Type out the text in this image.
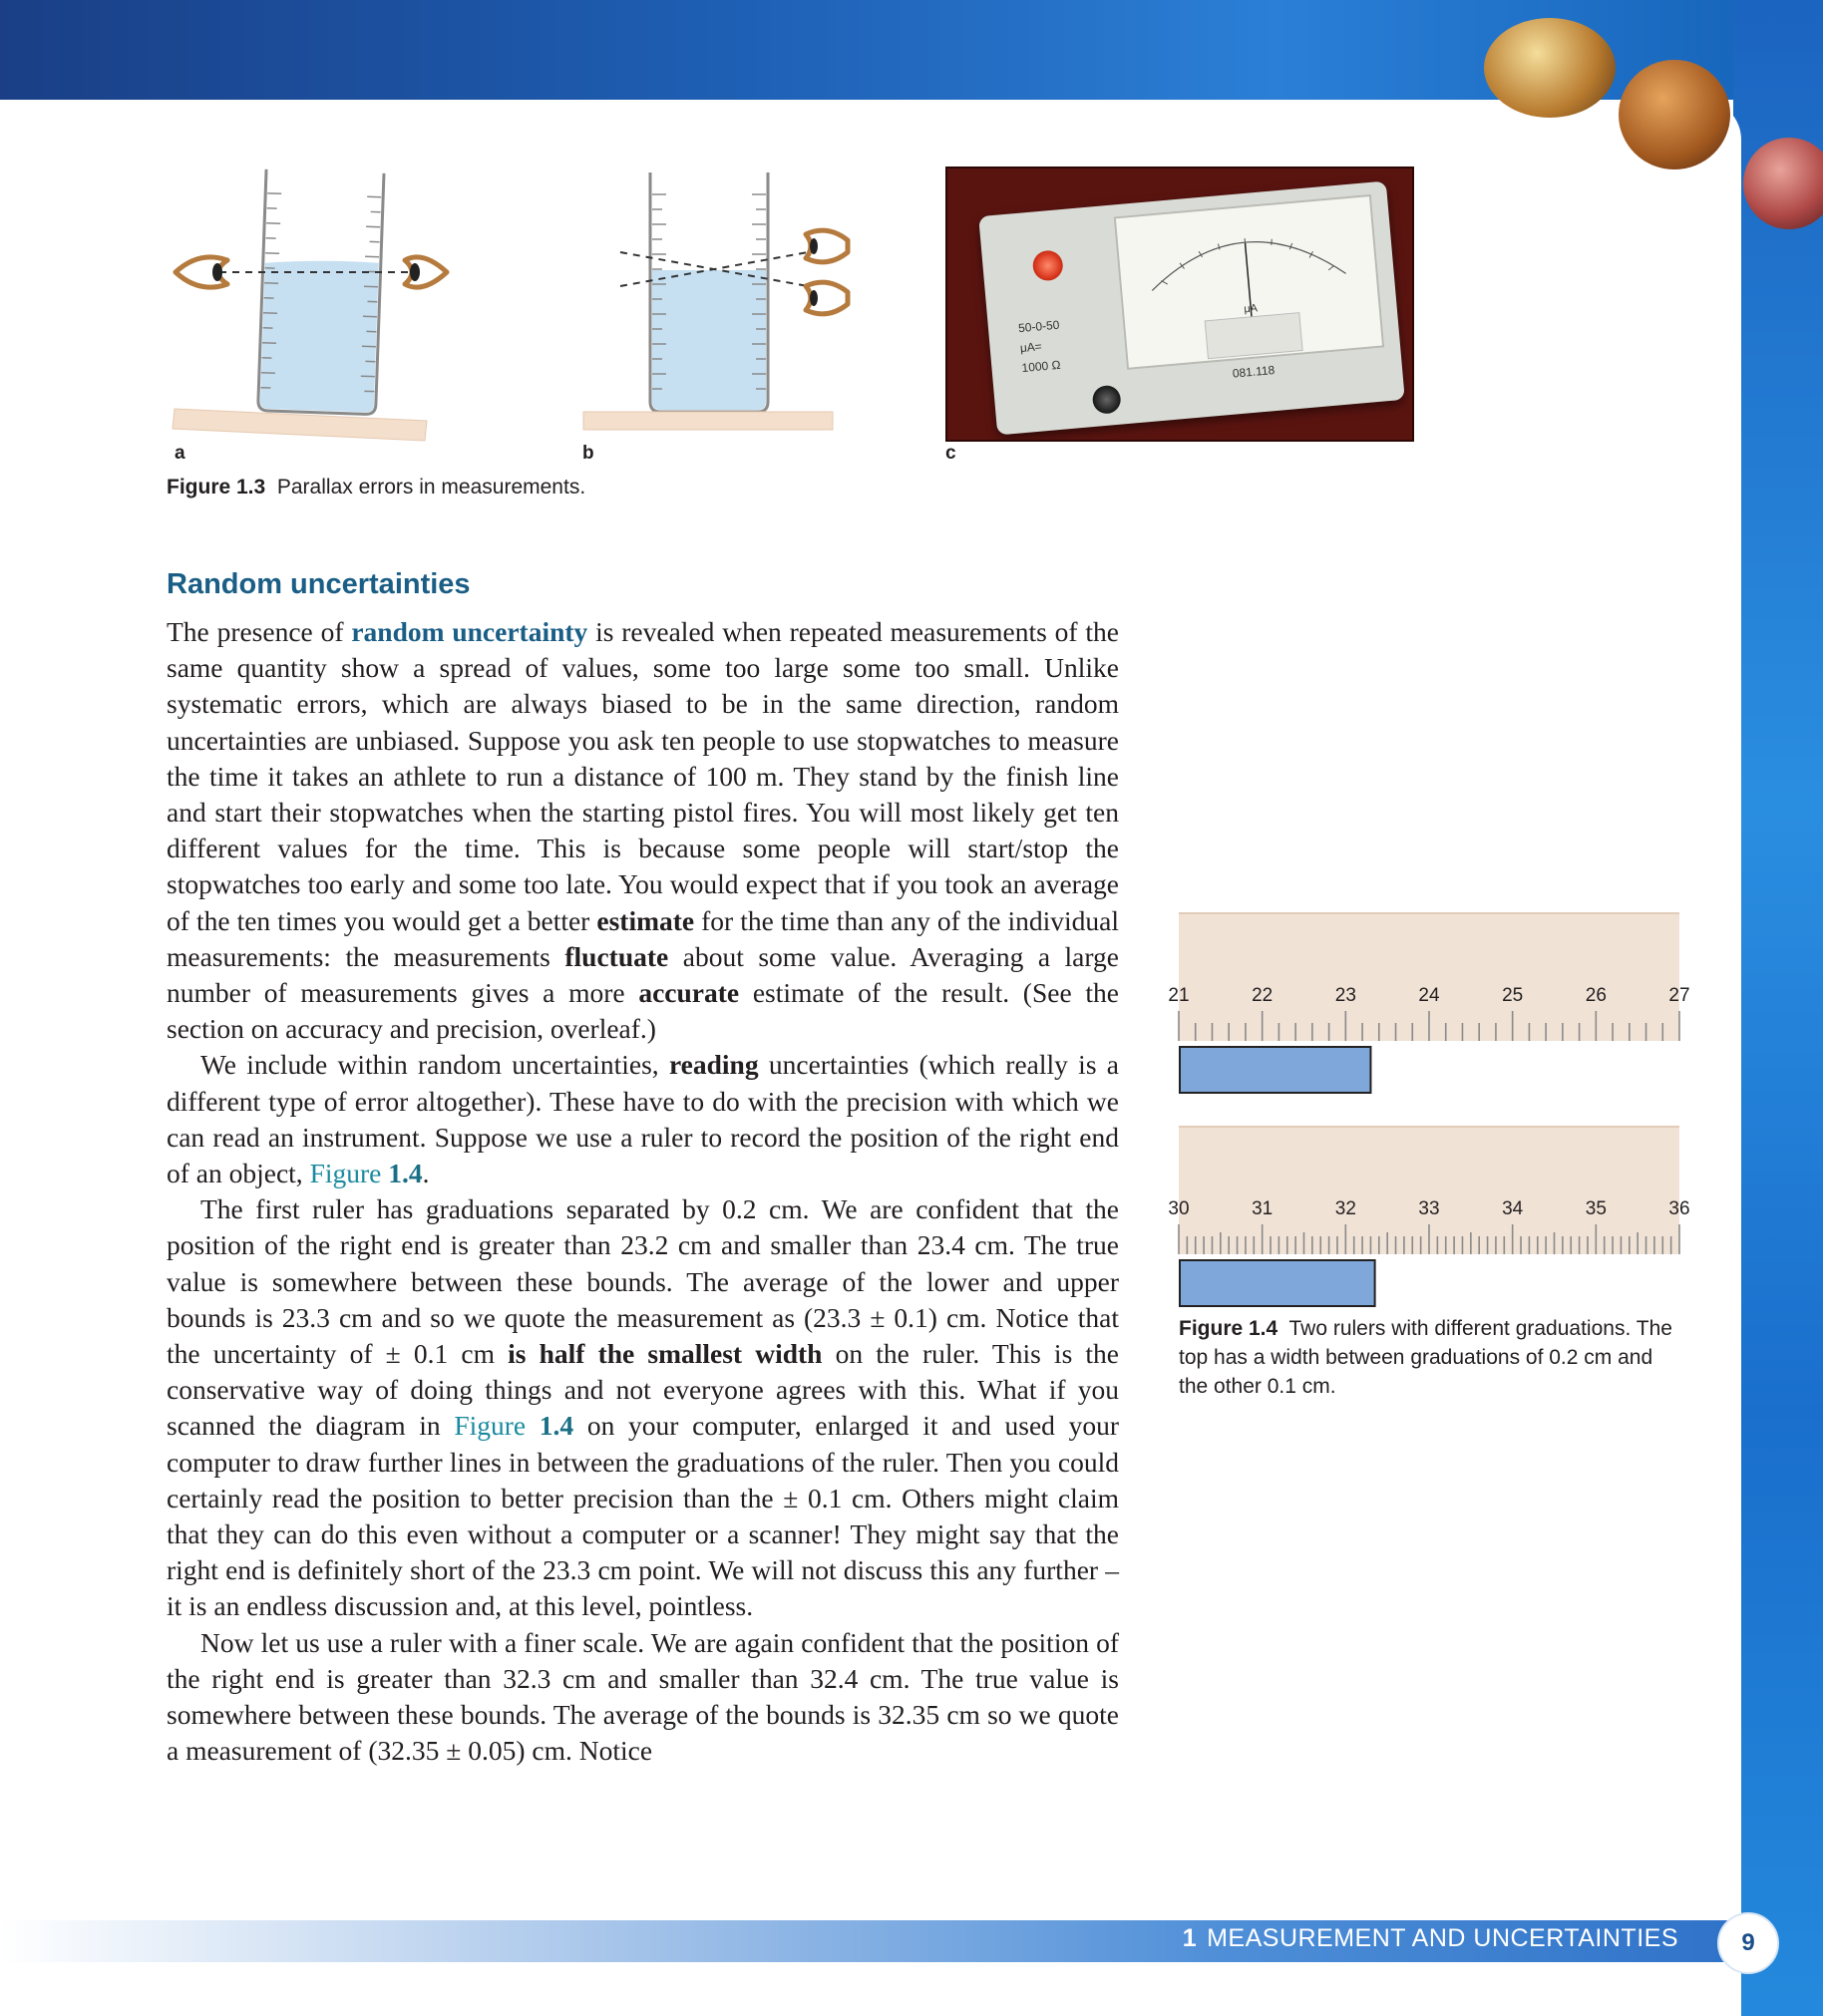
a	b
μA
50-0-50
μA=
1000 Ω	081.118
c
Figure 1.3 Parallax errors in measurements.
Random uncertainties

The presence of random uncertainty is revealed when repeated measurements of the same quantity show a spread of values, some too large some too small. Unlike systematic errors, which are always biased to be in the same direction, random uncertainties are unbiased. Suppose you ask ten people to use stopwatches to measure the time it takes an athlete to run a distance of 100 m. They stand by the finish line and start their stopwatches when the starting pistol fires. You will most likely get ten different values for the time. This is because some people will start/stop the stopwatches too early and some too late. You would expect that if you took an average of the ten times you would get a better estimate for the time than any of the individual measurements: the measurements fluctuate about some value. Averaging a large number of measurements gives a more accurate estimate of the result. (See the section on accuracy and precision, overleaf.)

We include within random uncertainties, reading uncertainties (which really is a different type of error altogether). These have to do with the precision with which we can read an instrument. Suppose we use a ruler to record the position of the right end of an object, Figure 1.4.

The first ruler has graduations separated by 0.2 cm. We are confident that the position of the right end is greater than 23.2 cm and smaller than 23.4 cm. The true value is somewhere between these bounds. The average of the lower and upper bounds is 23.3 cm and so we quote the measurement as (23.3 ± 0.1) cm. Notice that the uncertainty of ± 0.1 cm is half the smallest width on the ruler. This is the conservative way of doing things and not everyone agrees with this. What if you scanned the diagram in Figure 1.4 on your computer, enlarged it and used your computer to draw further lines in between the graduations of the ruler. Then you could certainly read the position to better precision than the ± 0.1 cm. Others might claim that they can do this even without a computer or a scanner! They might say that the right end is definitely short of the 23.3 cm point. We will not discuss this any further – it is an endless discussion and, at this level, pointless.

Now let us use a ruler with a finer scale. We are again confident that the position of the right end is greater than 32.3 cm and smaller than 32.4 cm. The true value is somewhere between these bounds. The average of the bounds is 32.35 cm so we quote a measurement of (32.35 ± 0.05) cm. Notice

21	22	23	24	25	26	27
30	31	32	33	34	35	36
Figure 1.4 Two rulers with different graduations. The top has a width between graduations of 0.2 cm and the other 0.1 cm.
1 MEASUREMENT AND UNCERTAINTIES	9
